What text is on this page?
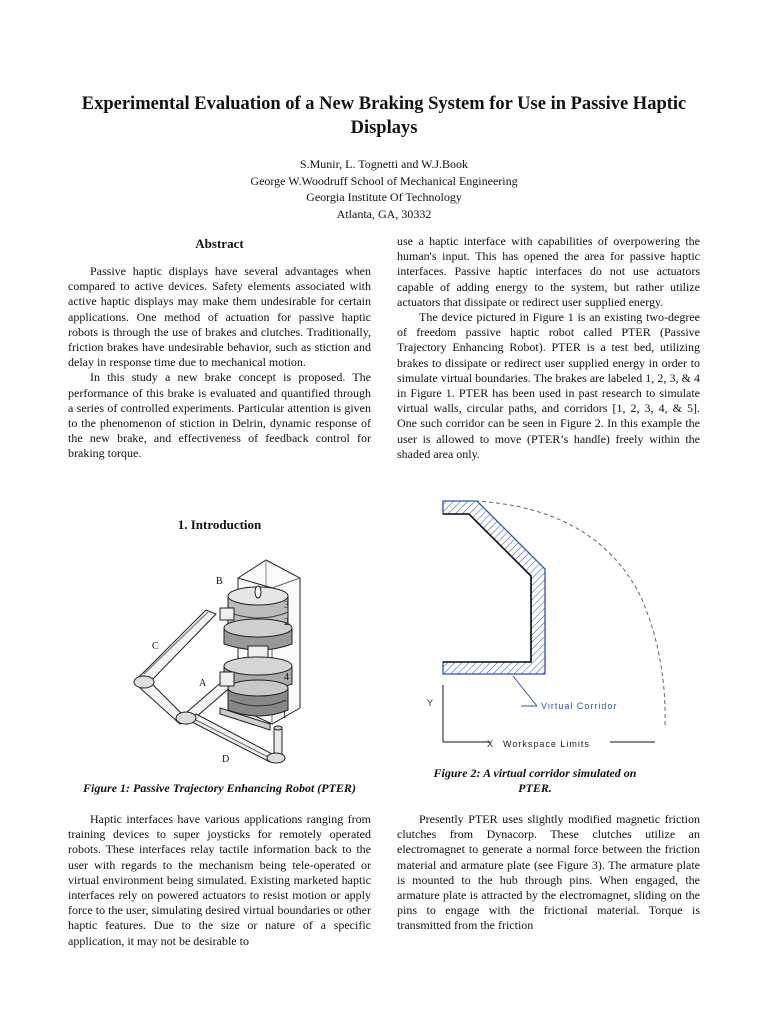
Experimental Evaluation of a New Braking System for Use in Passive Haptic Displays
S.Munir, L. Tognetti and W.J.Book
George W.Woodruff School of Mechanical Engineering
Georgia Institute Of Technology
Atlanta, GA, 30332
Abstract

Passive haptic displays have several advantages when compared to active devices. Safety elements associated with active haptic displays may make them undesirable for certain applications. One method of actuation for passive haptic robots is through the use of brakes and clutches. Traditionally, friction brakes have undesirable behavior, such as stiction and delay in response time due to mechanical motion.

In this study a new brake concept is proposed. The performance of this brake is evaluated and quantified through a series of controlled experiments. Particular attention is given to the phenomenon of stiction in Delrin, dynamic response of the new brake, and effectiveness of feedback control for braking torque.

use a haptic interface with capabilities of overpowering the human's input. This has opened the area for passive haptic interfaces. Passive haptic interfaces do not use actuators capable of adding energy to the system, but rather utilize actuators that dissipate or redirect user supplied energy.

The device pictured in Figure 1 is an existing two-degree of freedom passive haptic robot called PTER (Passive Trajectory Enhancing Robot). PTER is a test bed, utilizing brakes to dissipate or redirect user supplied energy in order to simulate virtual boundaries. The brakes are labeled 1, 2, 3, & 4 in Figure 1. PTER has been used in past research to simulate virtual walls, circular paths, and corridors [1, 2, 3, 4, & 5]. One such corridor can be seen in Figure 2. In this example the user is allowed to move (PTER’s handle) freely within the shaded area only.

1. Introduction
B
C
A
D
3
2
4
1
Figure 1: Passive Trajectory Enhancing Robot (PTER)
Y
X
Virtual Corridor
Workspace Limits
Figure 2: A virtual corridor simulated on PTER.

Haptic interfaces have various applications ranging from training devices to super joysticks for remotely operated robots. These interfaces relay tactile information back to the user with regards to the mechanism being tele-operated or virtual environment being simulated. Existing marketed haptic interfaces rely on powered actuators to resist motion or apply force to the user, simulating desired virtual boundaries or other haptic features. Due to the size or nature of a specific application, it may not be desirable to

Presently PTER uses slightly modified magnetic friction clutches from Dynacorp. These clutches utilize an electromagnet to generate a normal force between the friction material and armature plate (see Figure 3). The armature plate is mounted to the hub through pins. When engaged, the armature plate is attracted by the electromagnet, sliding on the pins to engage with the frictional material. Torque is transmitted from the friction
